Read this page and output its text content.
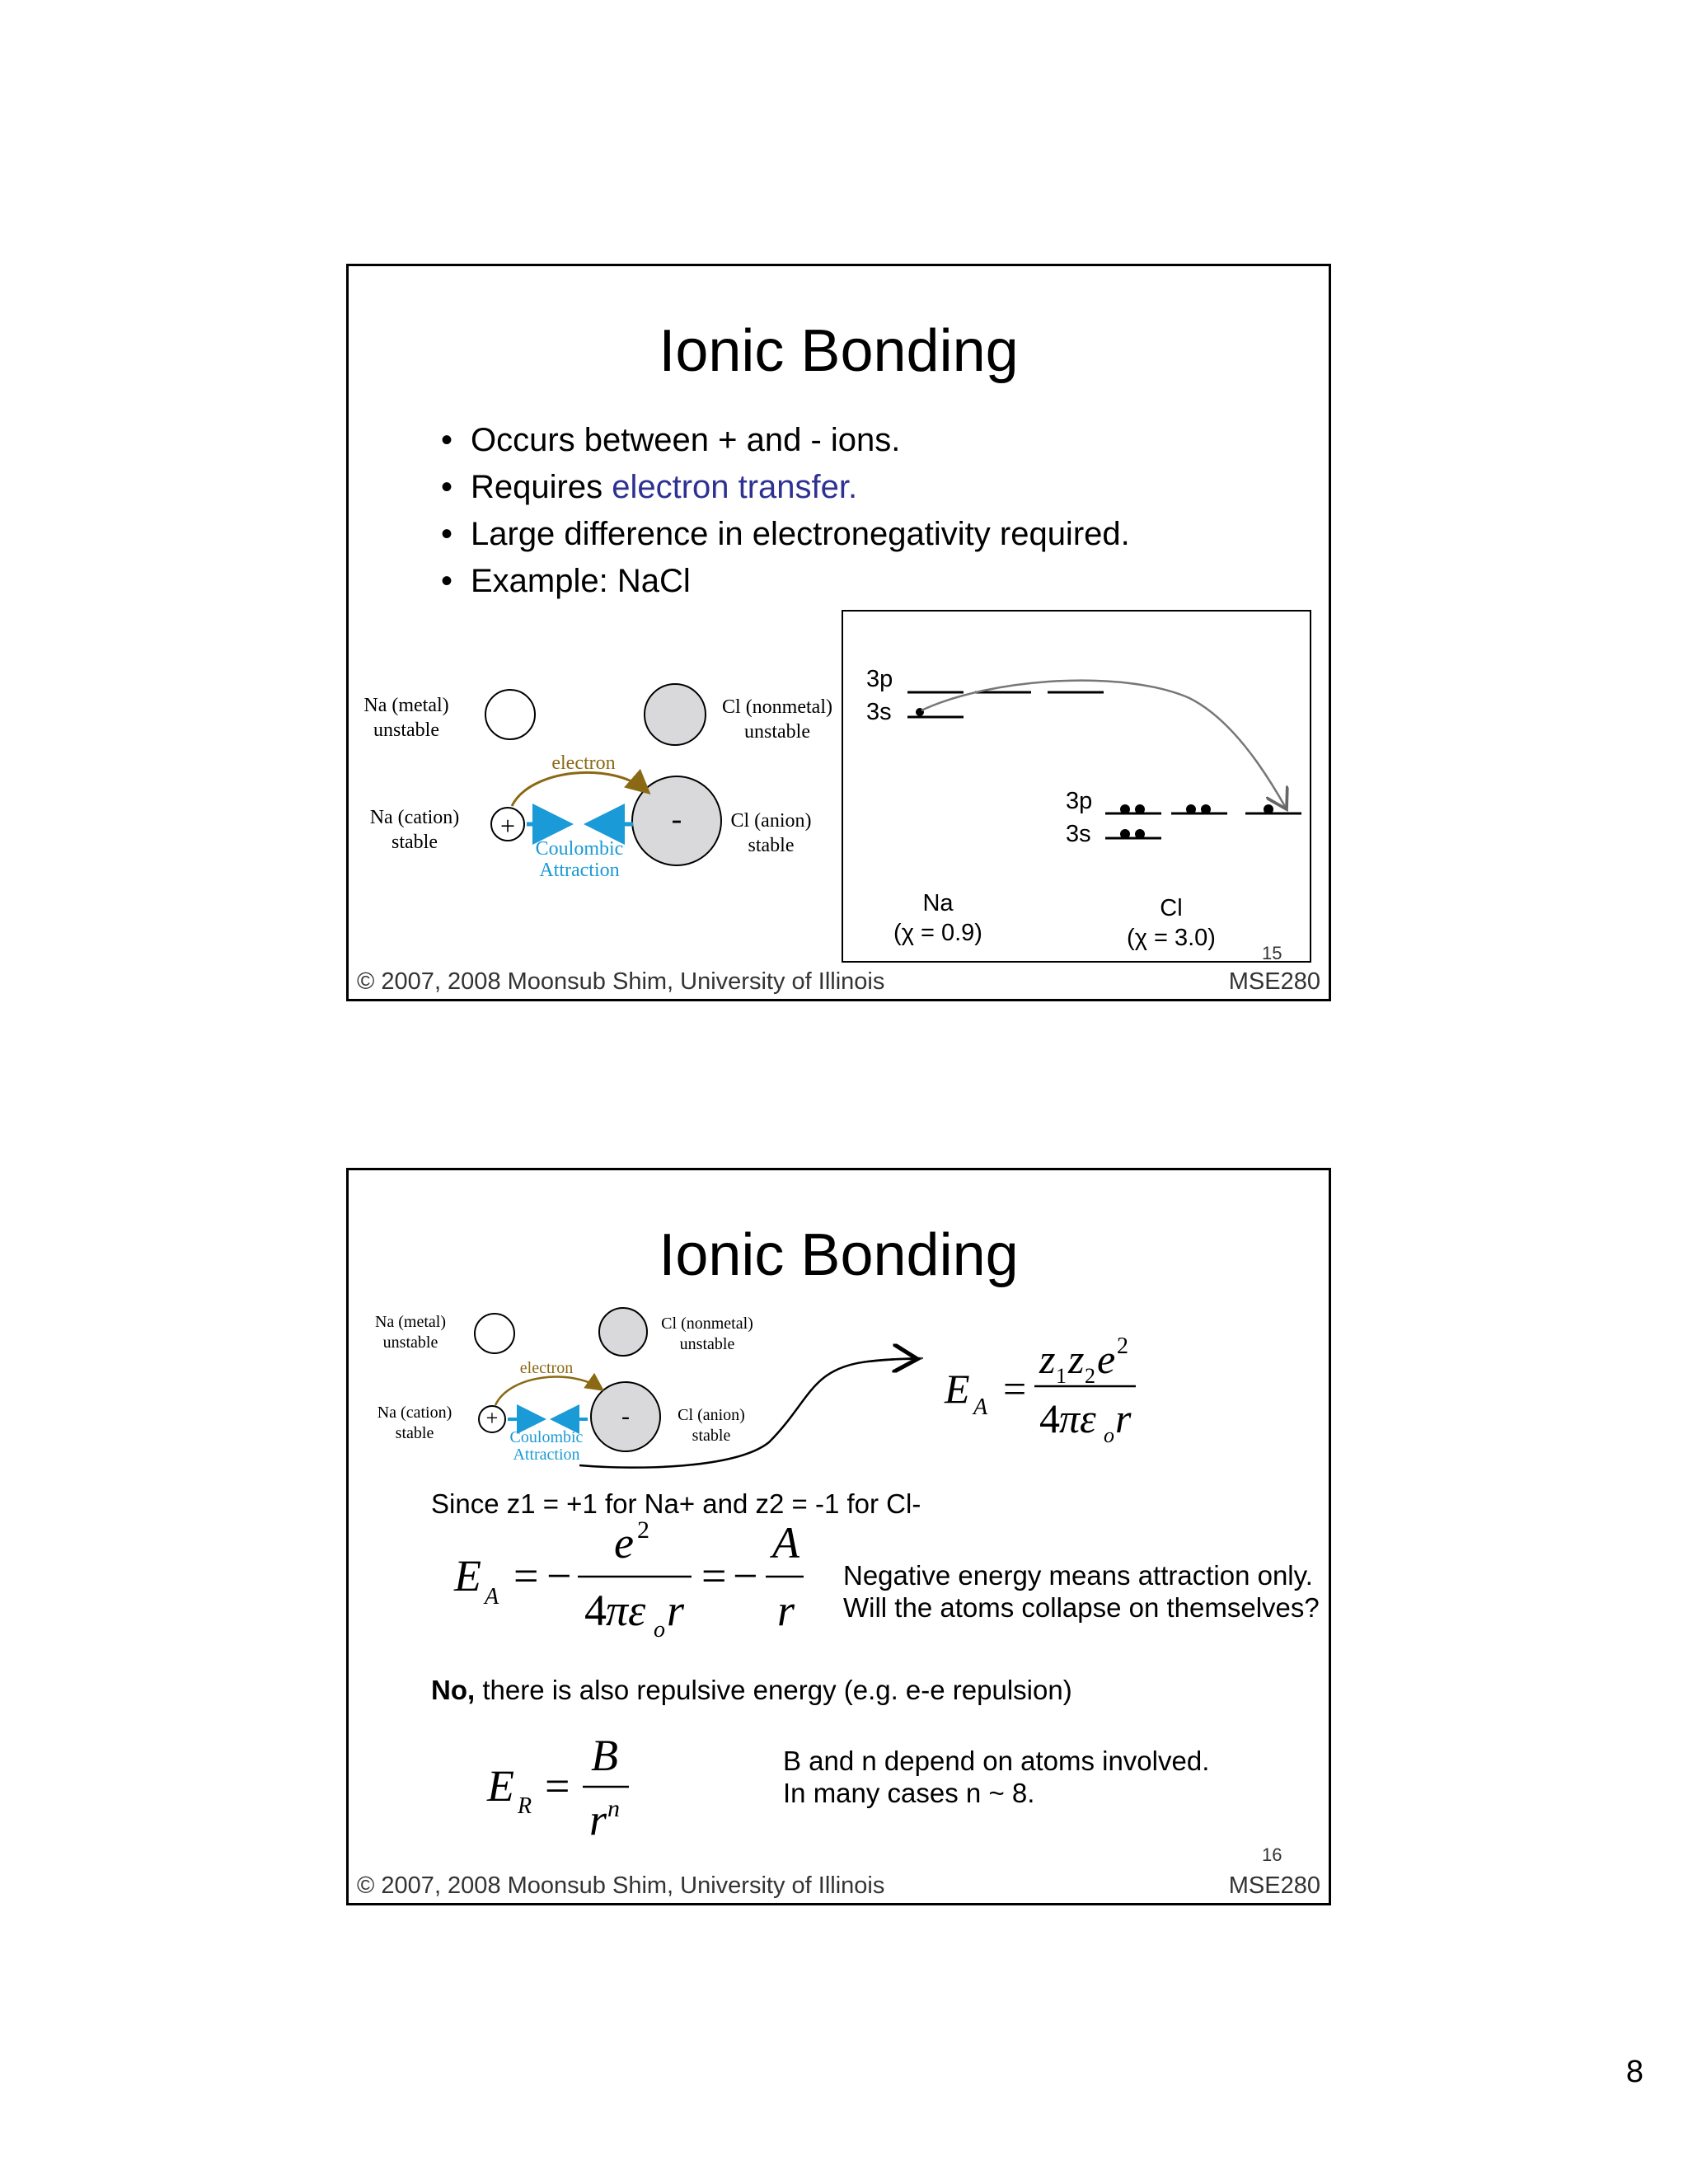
Ionic Bonding
• Occurs between + and - ions.
• Requires electron transfer.
• Large difference in electronegativity required.
• Example: NaCl
+	-
Na (metal)
unstable
Cl (nonmetal)
unstable
electron
Na (cation)
stable
Cl (anion)
stable
Coulombic
Attraction
3p
3s
3p
3s
Na
(χ = 0.9)
Cl
(χ = 3.0)
15
© 2007, 2008 Moonsub Shim, University of Illinois	MSE280
Ionic Bonding
+	-
Na (metal)
unstable
Cl (nonmetal)
unstable
electron
Na (cation)
stable
Cl (anion)
stable
Coulombic
Attraction
E A =
z 1 z 2 e 2
4 πε o r
Since z1 = +1 for Na+ and z2 = -1 for Cl-
E A = −
e 2
4 πε o r
= −
A
r
Negative energy means attraction only.
Will the atoms collapse on themselves?
No, there is also repulsive energy (e.g. e-e repulsion)
E R =
B
r n
B and n depend on atoms involved.
In many cases n ~ 8.
16
© 2007, 2008 Moonsub Shim, University of Illinois	MSE280
8
